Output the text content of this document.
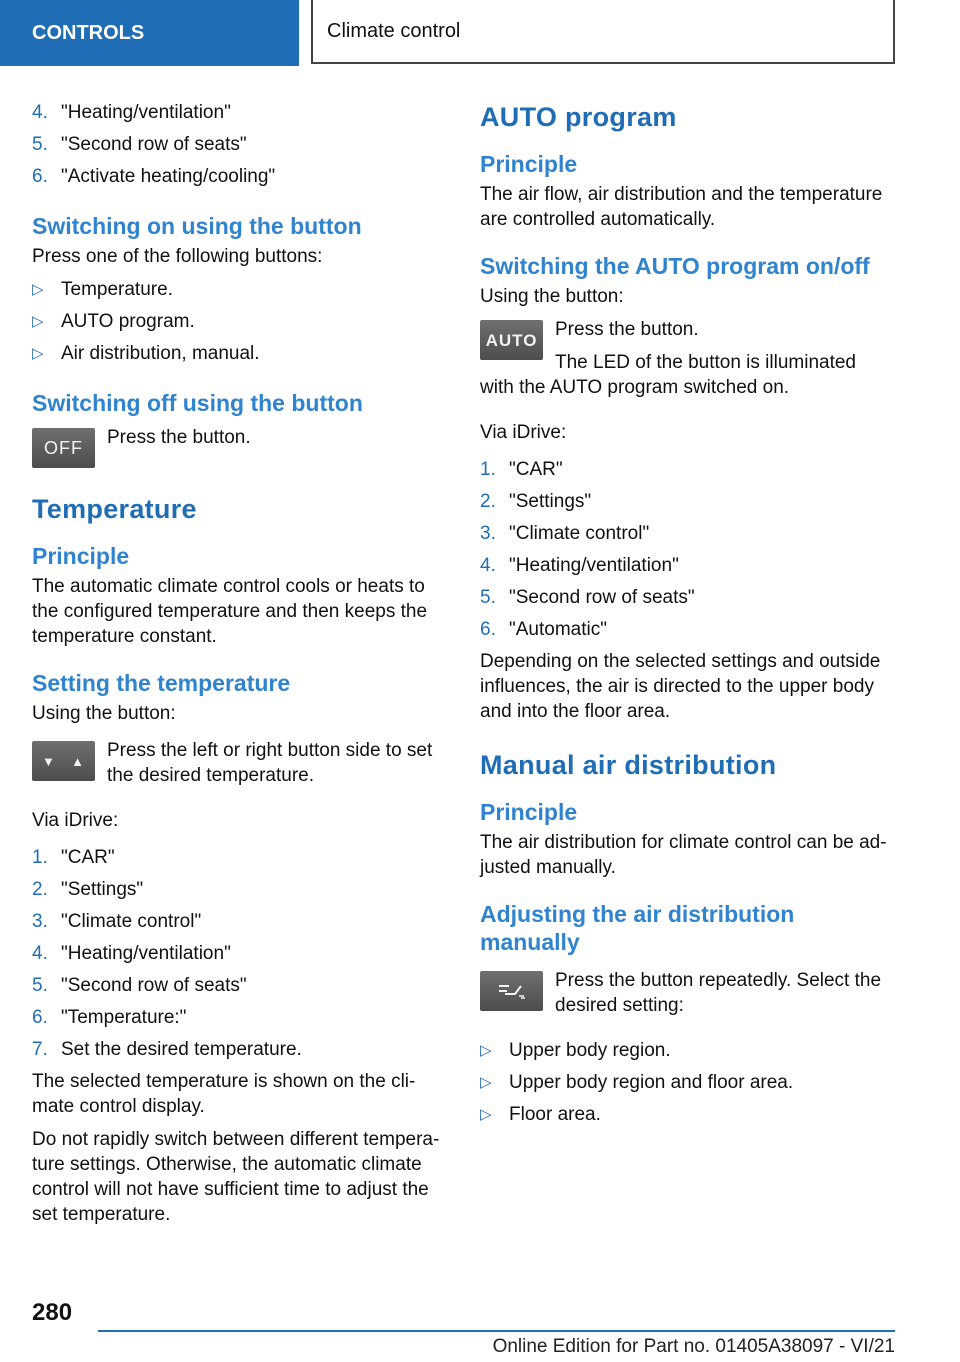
CONTROLS	Climate control
4. "Heating/ventilation"
5. "Second row of seats"
6. "Activate heating/cooling"
Switching on using the button

Press one of the following buttons:

▷ Temperature.
▷ AUTO program.
▷ Air distribution, manual.
Switching off using the button
OFF	Press the button.

Temperature
Principle

The automatic climate control cools or heats to the configured temperature and then keeps the temperature constant.

Setting the temperature

Using the button:

▼ ▲ Press the left or right button side to set the desired temperature.

Via iDrive:

1. "CAR"
2. "Settings"
3. "Climate control"
4. "Heating/ventilation"
5. "Second row of seats"
6. "Temperature:"
7. Set the desired temperature.

The selected temperature is shown on the cli-mate control display.

Do not rapidly switch between different tempera-ture settings. Otherwise, the automatic climate control will not have sufficient time to adjust the set temperature.

AUTO program
Principle

The air flow, air distribution and the temperature are controlled automatically.

Switching the AUTO program on/off

Using the button:

AUTO Press the button.

The LED of the button is illuminated

with the AUTO program switched on.

Via iDrive:

1. "CAR"
2. "Settings"
3. "Climate control"
4. "Heating/ventilation"
5. "Second row of seats"
6. "Automatic"

Depending on the selected settings and outside influences, the air is directed to the upper body and into the floor area.

Manual air distribution
Principle

The air distribution for climate control can be ad-justed manually.

Adjusting the air distribution manually

Press the button repeatedly. Select the desired setting:

▷ Upper body region.
▷ Upper body region and floor area.
▷ Floor area.
280
Online Edition for Part no. 01405A38097 - VI/21
